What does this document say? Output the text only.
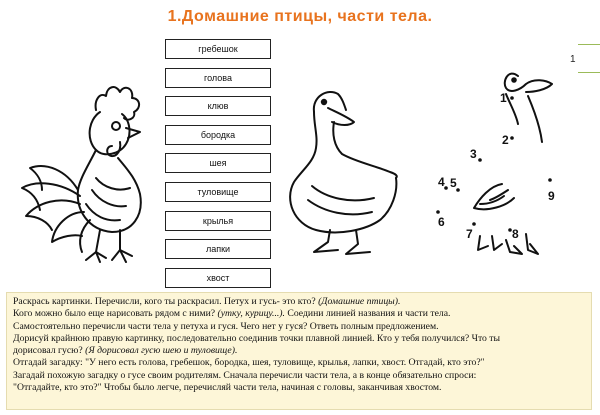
1.Домашние птицы, части тела.
1
гребешок
голова
клюв
бородка
шея
туловище
крылья
лапки
хвост
1
2
3
4 5
6
7	8
9

Раскрась картинки. Перечисли, кого ты раскрасил. Петух и гусь- это кто? (Домашние птицы).

Кого можно было еще нарисовать рядом с ними? (утку, курицу...). Соедини линией названия и части тела.

Самостоятельно перечисли части тела у петуха и гуся. Чего нет у гуся? Ответь полным предложением.

Дорисуй крайнюю правую картинку, последовательно соединив точки плавной линией. Кто у тебя получился? Что ты

дорисовал гусю? (Я дорисовал гусю шею и туловище).

Отгадай загадку: "У него есть голова, гребешок, бородка, шея, туловище, крылья, лапки, хвост. Отгадай, кто это?"

Загадай похожую загадку о гусе своим родителям. Сначала перечисли части тела, а в конце обязательно спроси:

"Отгадайте, кто это?" Чтобы было легче, перечисляй части тела, начиная с головы, заканчивая хвостом.
